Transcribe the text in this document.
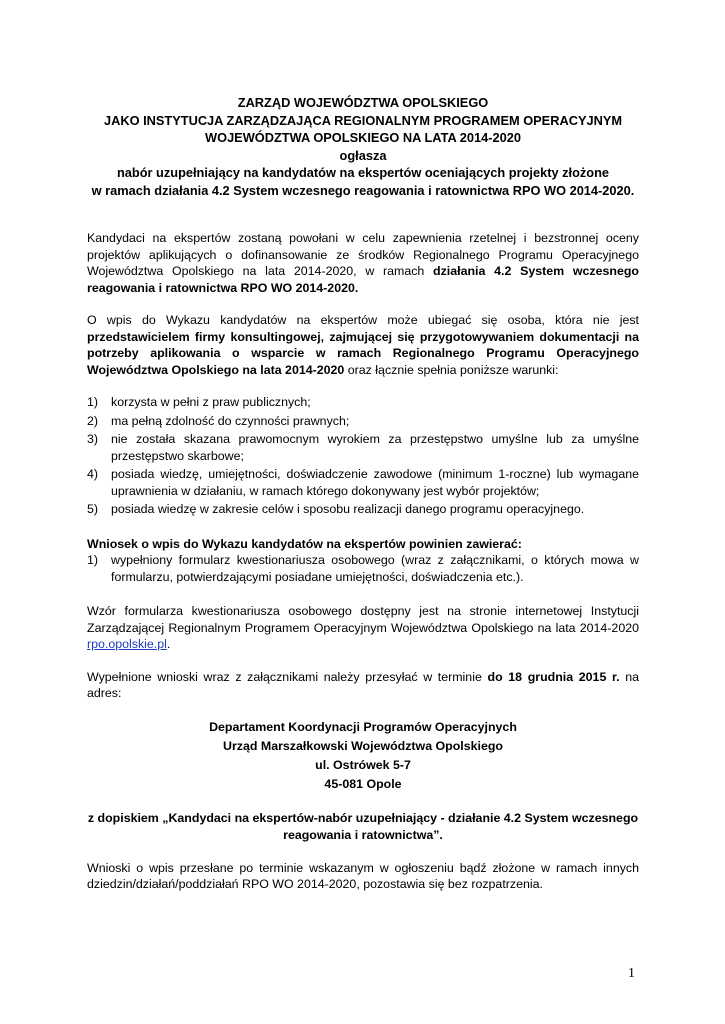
ZARZĄD WOJEWÓDZTWA OPOLSKIEGO
JAKO INSTYTUCJA ZARZĄDZAJĄCA REGIONALNYM PROGRAMEM OPERACYJNYM
WOJEWÓDZTWA OPOLSKIEGO NA LATA 2014-2020
ogłasza
nabór uzupełniający na kandydatów na ekspertów oceniających projekty złożone
w ramach działania 4.2 System wczesnego reagowania i ratownictwa RPO WO 2014-2020.

Kandydaci na ekspertów zostaną powołani w celu zapewnienia rzetelnej i bezstronnej oceny projektów aplikujących o dofinansowanie ze środków Regionalnego Programu Operacyjnego Województwa Opolskiego na lata 2014-2020, w ramach działania 4.2 System wczesnego reagowania i ratownictwa RPO WO 2014-2020.

O wpis do Wykazu kandydatów na ekspertów może ubiegać się osoba, która nie jest przedstawicielem firmy konsultingowej, zajmującej się przygotowywaniem dokumentacji na potrzeby aplikowania o wsparcie w ramach Regionalnego Programu Operacyjnego Województwa Opolskiego na lata 2014-2020 oraz łącznie spełnia poniższe warunki:

1) korzysta w pełni z praw publicznych;
2) ma pełną zdolność do czynności prawnych;
3) nie została skazana prawomocnym wyrokiem za przestępstwo umyślne lub za umyślne przestępstwo skarbowe;
4) posiada wiedzę, umiejętności, doświadczenie zawodowe (minimum 1-roczne) lub wymagane uprawnienia w działaniu, w ramach którego dokonywany jest wybór projektów;
5) posiada wiedzę w zakresie celów i sposobu realizacji danego programu operacyjnego.

Wniosek o wpis do Wykazu kandydatów na ekspertów powinien zawierać:

1) wypełniony formularz kwestionariusza osobowego (wraz z załącznikami, o których mowa w formularzu, potwierdzającymi posiadane umiejętności, doświadczenia etc.).

Wzór formularza kwestionariusza osobowego dostępny jest na stronie internetowej Instytucji Zarządzającej Regionalnym Programem Operacyjnym Województwa Opolskiego na lata 2014-2020 rpo.opolskie.pl.

Wypełnione wnioski wraz z załącznikami należy przesyłać w terminie do 18 grudnia 2015 r. na adres:

Departament Koordynacji Programów Operacyjnych
Urząd Marszałkowski Województwa Opolskiego
ul. Ostrówek 5-7
45-081 Opole
z dopiskiem „Kandydaci na ekspertów-nabór uzupełniający - działanie 4.2 System wczesnego
reagowania i ratownictwa”.

Wnioski o wpis przesłane po terminie wskazanym w ogłoszeniu bądź złożone w ramach innych dziedzin/działań/poddziałań RPO WO 2014-2020, pozostawia się bez rozpatrzenia.

1
